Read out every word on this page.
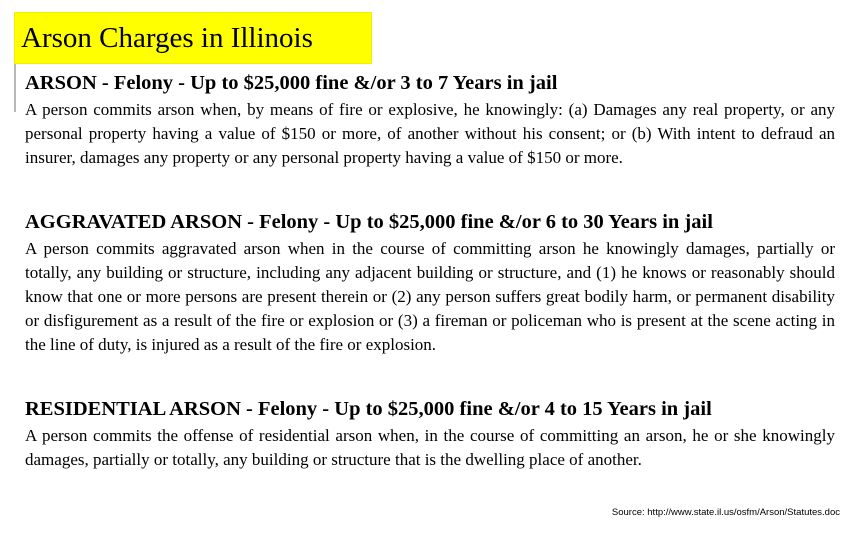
Arson Charges in Illinois
ARSON - Felony - Up to $25,000 fine &/or 3 to 7 Years in jail
A person commits arson when, by means of fire or explosive, he knowingly: (a) Damages any real property, or any personal property having a value of $150 or more, of another without his consent; or (b) With intent to defraud an insurer, damages any property or any personal property having a value of $150 or more.
AGGRAVATED ARSON - Felony - Up to $25,000 fine &/or 6 to 30 Years in jail
A person commits aggravated arson when in the course of committing arson he knowingly damages, partially or totally, any building or structure, including any adjacent building or structure, and (1) he knows or reasonably should know that one or more persons are present therein or (2) any person suffers great bodily harm, or permanent disability or disfigurement as a result of the fire or explosion or (3) a fireman or policeman who is present at the scene acting in the line of duty, is injured as a result of the fire or explosion.
RESIDENTIAL ARSON - Felony - Up to $25,000 fine &/or 4 to 15 Years in jail
A person commits the offense of residential arson when, in the course of committing an arson, he or she knowingly damages, partially or totally, any building or structure that is the dwelling place of another.
Source: http://www.state.il.us/osfm/Arson/Statutes.doc
